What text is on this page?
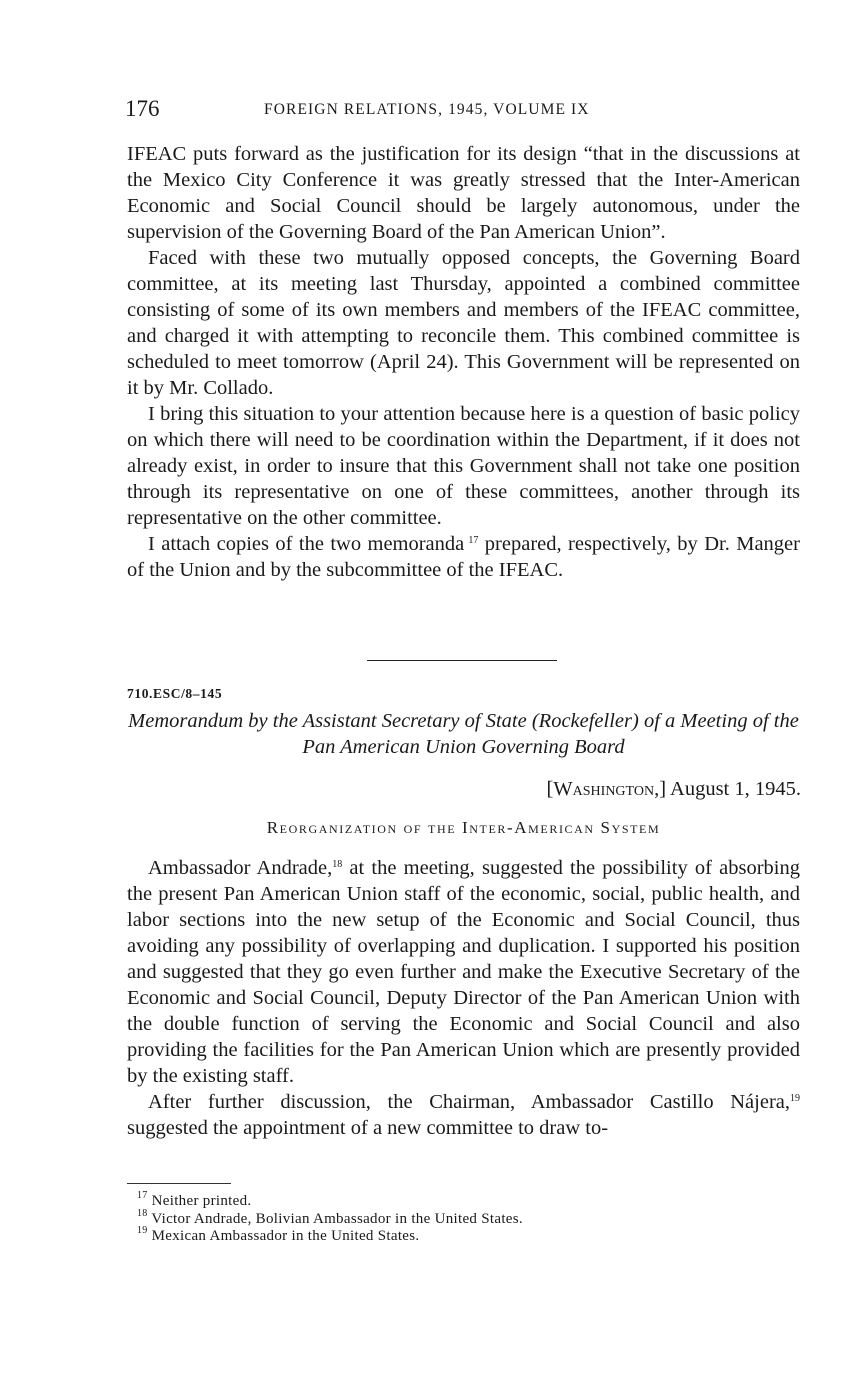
176	FOREIGN RELATIONS, 1945, VOLUME IX

IFEAC puts forward as the justification for its design “that in the discussions at the Mexico City Conference it was greatly stressed that the Inter-American Economic and Social Council should be largely autonomous, under the supervision of the Governing Board of the Pan American Union”.

Faced with these two mutually opposed concepts, the Governing Board committee, at its meeting last Thursday, appointed a combined committee consisting of some of its own members and members of the IFEAC committee, and charged it with attempting to reconcile them. This combined committee is scheduled to meet tomorrow (April 24). This Government will be represented on it by Mr. Collado.

I bring this situation to your attention because here is a question of basic policy on which there will need to be coordination within the Department, if it does not already exist, in order to insure that this Government shall not take one position through its representative on one of these committees, another through its representative on the other committee.

I attach copies of the two memoranda  $^{17}$ prepared, respectively, by Dr. Manger of the Union and by the subcommittee of the IFEAC.

710.ESC/8–145
Memorandum by the Assistant Secretary of State (Rockefeller) of a Meeting of the Pan American Union Governing Board
[Washington,] August 1, 1945.
Reorganization of the Inter-American System

Ambassador Andrade,$^{18}$ at the meeting, suggested the possibility of absorbing the present Pan American Union staff of the economic, social, public health, and labor sections into the new setup of the Economic and Social Council, thus avoiding any possibility of overlapping and duplication. I supported his position and suggested that they go even further and make the Executive Secretary of the Economic and Social Council, Deputy Director of the Pan American Union with the double function of serving the Economic and Social Council and also providing the facilities for the Pan American Union which are presently provided by the existing staff.

After further discussion, the Chairman, Ambassador Castillo Nájera,$^{19}$ suggested the appointment of a new committee to draw to-

$^{17}$ Neither printed.
$^{18}$ Victor Andrade, Bolivian Ambassador in the United States.
$^{19}$ Mexican Ambassador in the United States.
